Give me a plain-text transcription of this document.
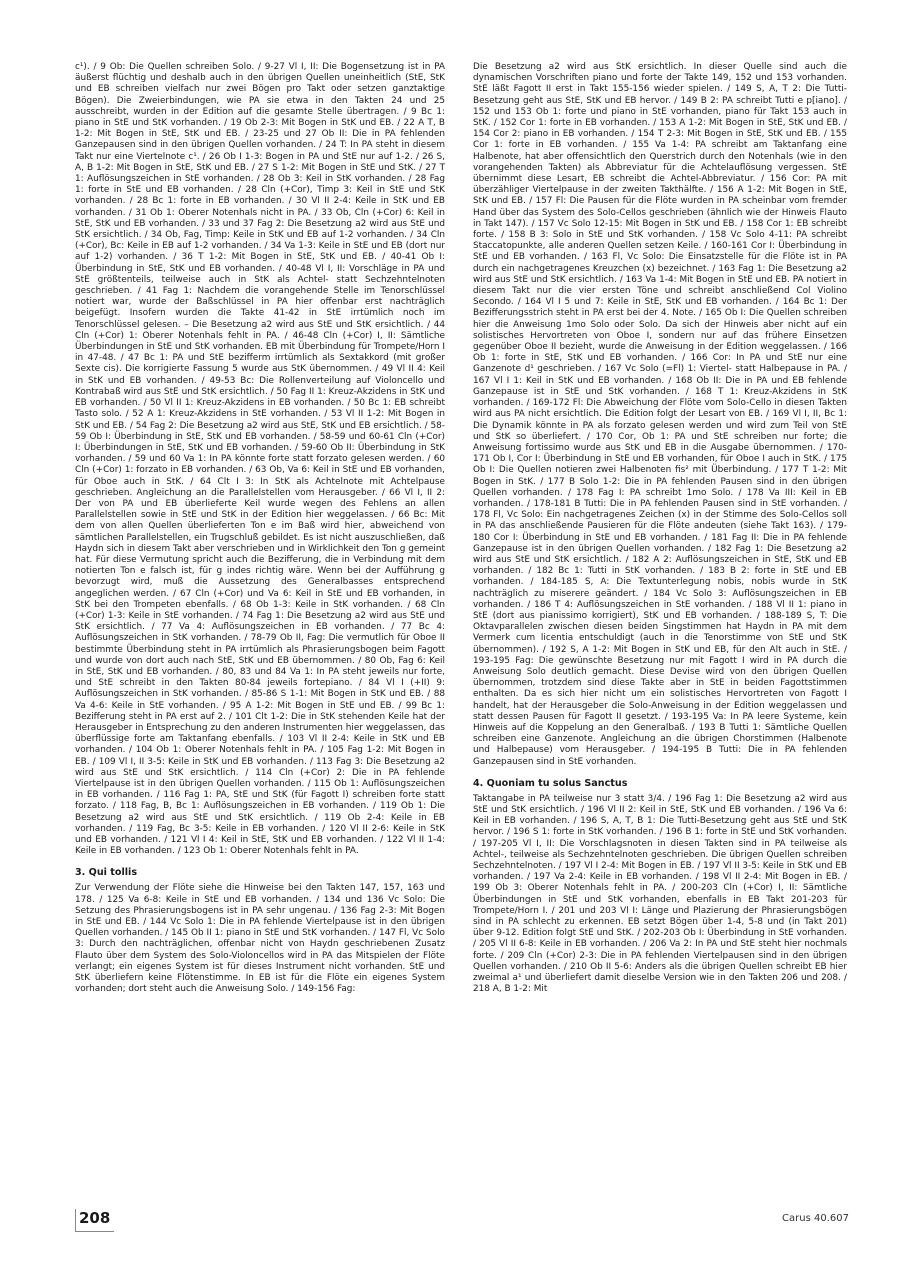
c¹). / 9 Ob: Die Quellen schreiben Solo. / 9-27 Vl I, II: Die Bogensetzung ist in PA äußerst flüchtig und deshalb auch in den übrigen Quellen uneinheitlich (StE, StK und EB schreiben vielfach nur zwei Bögen pro Takt oder setzen ganztaktige Bögen). Die Zweierbindungen, wie PA sie etwa in den Takten 24 und 25 ausschreibt, wurden in der Edition auf die gesamte Stelle übertragen. / 9 Bc 1: piano in StE und StK vorhanden. / 19 Ob 2-3: Mit Bogen in StK und EB. / 22 A T, B 1-2: Mit Bogen in StE, StK und EB. / 23-25 und 27 Ob II: Die in PA fehlenden Ganzepausen sind in den übrigen Quellen vorhanden. / 24 T: In PA steht in diesem Takt nur eine Viertelnote c¹. / 26 Ob I 1-3: Bogen in PA und StE nur auf 1-2. / 26 S, A, B 1-2: Mit Bogen in StE, StK und EB. / 27 S 1-2: Mit Bogen in StE und StK. / 27 T 1: Auflösungszeichen in StE vorhanden. / 28 Ob 3: Keil in StK vorhanden. / 28 Fag 1: forte in StE und EB vorhanden. / 28 Cln (+Cor), Timp 3: Keil in StE und StK vorhanden. / 28 Bc 1: forte in EB vorhanden. / 30 Vl II 2-4: Keile in StK und EB vorhanden. / 31 Ob 1: Oberer Notenhals nicht in PA. / 33 Ob, Cln (+Cor) 6: Keil in StE, StK und EB vorhanden. / 33 und 37 Fag 2: Die Besetzung a2 wird aus StE und StK ersichtlich. / 34 Ob, Fag, Timp: Keile in StK und EB auf 1-2 vorhanden. / 34 Cln (+Cor), Bc: Keile in EB auf 1-2 vorhanden. / 34 Va 1-3: Keile in StE und EB (dort nur auf 1-2) vorhanden. / 36 T 1-2: Mit Bogen in StE, StK und EB. / 40-41 Ob I: Überbindung in StE, StK und EB vorhanden. / 40-48 Vl I, II: Vorschläge in PA und StE größtenteils, teilweise auch in StK als Achtel- statt Sechzehntelnoten geschrieben. / 41 Fag 1: Nachdem die vorangehende Stelle im Tenorschlüssel notiert war, wurde der Baßschlüssel in PA hier offenbar erst nachträglich beigefügt. Insofern wurden die Takte 41-42 in StE irrtümlich noch im Tenorschlüssel gelesen. – Die Besetzung a2 wird aus StE und StK ersichtlich. / 44 Cln (+Cor) 1: Oberer Notenhals fehlt in PA. / 46-48 Cln (+Cor) I, II: Sämtliche Überbindungen in StE und StK vorhanden. EB mit Überbindung für Trompete/Horn I in 47-48. / 47 Bc 1: PA und StE bezifferm irrtümlich als Sextakkord (mit großer Sexte cis). Die korrigierte Fassung 5 wurde aus StK übernommen. / 49 Vl II 4: Keil in StK und EB vorhanden. / 49-53 Bc: Die Rollenverteilung auf Violoncello und Kontrabaß wird aus StE und StK ersichtlich. / 50 Fag II 1: Kreuz-Akzidens in StK und EB vorhanden. / 50 Vl II 1: Kreuz-Akzidens in EB vorhanden. / 50 Bc 1: EB schreibt Tasto solo. / 52 A 1: Kreuz-Akzidens in StE vorhanden. / 53 Vl II 1-2: Mit Bogen in StK und EB. / 54 Fag 2: Die Besetzung a2 wird aus StE, StK und EB ersichtlich. / 58-59 Ob I: Überbindung in StE, StK und EB vorhanden. / 58-59 und 60-61 Cln (+Cor) I: Überbindungen in StE, StK und EB vorhanden. / 59-60 Ob II: Überbindung in StK vorhanden. / 59 und 60 Va 1: In PA könnte forte statt forzato gelesen werden. / 60 Cln (+Cor) 1: forzato in EB vorhanden. / 63 Ob, Va 6: Keil in StE und EB vorhanden, für Oboe auch in StK. / 64 Clt I 3: In StK als Achtelnote mit Achtelpause geschrieben. Angleichung an die Parallelstellen vom Herausgeber. / 66 Vl I, II 2: Der von PA und EB überlieferte Keil wurde wegen des Fehlens an allen Parallelstellen sowie in StE und StK in der Edition hier weggelassen. / 66 Bc: Mit dem von allen Quellen überlieferten Ton e im Baß wird hier, abweichend von sämtlichen Parallelstellen, ein Trugschluß gebildet. Es ist nicht auszuschließen, daß Haydn sich in diesem Takt aber verschrieben und in Wirklichkeit den Ton g gemeint hat. Für diese Vermutung spricht auch die Bezifferung, die in Verbindung mit dem notierten Ton e falsch ist, für g indes richtig wäre. Wenn bei der Aufführung g bevorzugt wird, muß die Aussetzung des Generalbasses entsprechend angeglichen werden. / 67 Cln (+Cor) und Va 6: Keil in StE und EB vorhanden, in StK bei den Trompeten ebenfalls. / 68 Ob 1-3: Keile in StK vorhanden. / 68 Cln (+Cor) 1-3: Keile in StE vorhanden. / 74 Fag 1: Die Besetzung a2 wird aus StE und StK ersichtlich. / 77 Va 4: Auflösungszeichen in EB vorhanden. / 77 Bc 4: Auflösungszeichen in StK vorhanden. / 78-79 Ob II, Fag: Die vermutlich für Oboe II bestimmte Überbindung steht in PA irrtümlich als Phrasierungsbogen beim Fagott und wurde von dort auch nach StE, StK und EB übernommen. / 80 Ob, Fag 6: Keil in StE, StK und EB vorhanden. / 80, 83 und 84 Va 1: In PA steht jeweils nur forte, und StE schreibt in den Takten 80-84 jeweils fortepiano. / 84 Vl I (+II) 9: Auflösungszeichen in StK vorhanden. / 85-86 S 1-1: Mit Bogen in StK und EB. / 88 Va 4-6: Keile in StE vorhanden. / 95 A 1-2: Mit Bogen in StE und EB. / 99 Bc 1: Bezifferung steht in PA erst auf 2. / 101 Clt 1-2: Die in StK stehenden Keile hat der Herausgeber in Entsprechung zu den anderen Instrumenten hier weggelassen, das überflüssige forte am Taktanfang ebenfalls. / 103 Vl II 2-4: Keile in StK und EB vorhanden. / 104 Ob 1: Oberer Notenhals fehlt in PA. / 105 Fag 1-2: Mit Bogen in EB. / 109 Vl I, II 3-5: Keile in StK und EB vorhanden. / 113 Fag 3: Die Besetzung a2 wird aus StE und StK ersichtlich. / 114 Cln (+Cor) 2: Die in PA fehlende Viertelpause ist in den übrigen Quellen vorhanden. / 115 Ob 1: Auflösungszeichen in EB vorhanden. / 116 Fag 1: PA, StE und StK (für Fagott I) schreiben forte statt forzato. / 118 Fag, B, Bc 1: Auflösungszeichen in EB vorhanden. / 119 Ob 1: Die Besetzung a2 wird aus StE und StK ersichtlich. / 119 Ob 2-4: Keile in EB vorhanden. / 119 Fag, Bc 3-5: Keile in EB vorhanden. / 120 Vl II 2-6: Keile in StK und EB vorhanden. / 121 Vl I 4: Keil in StE, StK und EB vorhanden. / 122 Vl II 1-4: Keile in EB vorhanden. / 123 Ob 1: Oberer Notenhals fehlt in PA.

3. Qui tollis

Zur Verwendung der Flöte siehe die Hinweise bei den Takten 147, 157, 163 und 178. / 125 Va 6-8: Keile in StE und EB vorhanden. / 134 und 136 Vc Solo: Die Setzung des Phrasierungsbogens ist in PA sehr ungenau. / 136 Fag 2-3: Mit Bogen in StE und EB. / 144 Vc Solo 1: Die in PA fehlende Viertelpause ist in den übrigen Quellen vorhanden. / 145 Ob II 1: piano in StE und StK vorhanden. / 147 Fl, Vc Solo 3: Durch den nachträglichen, offenbar nicht von Haydn geschriebenen Zusatz Flauto über dem System des Solo-Violoncellos wird in PA das Mitspielen der Flöte verlangt; ein eigenes System ist für dieses Instrument nicht vorhanden. StE und StK überliefern keine Flötenstimme. In EB ist für die Flöte ein eigenes System vorhanden; dort steht auch die Anweisung Solo. / 149-156 Fag:

Die Besetzung a2 wird aus StK ersichtlich. In dieser Quelle sind auch die dynamischen Vorschriften piano und forte der Takte 149, 152 und 153 vorhanden. StE läßt Fagott II erst in Takt 155-156 wieder spielen. / 149 S, A, T 2: Die Tutti-Besetzung geht aus StE, StK und EB hervor. / 149 B 2: PA schreibt Tutti e p[iano]. / 152 und 153 Ob 1: forte und piano in StE vorhanden, piano für Takt 153 auch in StK. / 152 Cor 1: forte in EB vorhanden. / 153 A 1-2: Mit Bogen in StE, StK und EB. / 154 Cor 2: piano in EB vorhanden. / 154 T 2-3: Mit Bogen in StE, StK und EB. / 155 Cor 1: forte in EB vorhanden. / 155 Va 1-4: PA schreibt am Taktanfang eine Halbenote, hat aber offensichtlich den Querstrich durch den Notenhals (wie in den vorangehenden Takten) als Abbreviatur für die Achtelauflösung vergessen. StE übernimmt diese Lesart, EB schreibt die Achtel-Abbreviatur. / 156 Cor: PA mit überzähliger Viertelpause in der zweiten Takthälfte. / 156 A 1-2: Mit Bogen in StE, StK und EB. / 157 Fl: Die Pausen für die Flöte wurden in PA scheinbar vom fremder Hand über das System des Solo-Cellos geschrieben (ähnlich wie der Hinweis Flauto in Takt 147). / 157 Vc Solo 12-15: Mit Bogen in StK und EB. / 158 Cor 1: EB schreibt forte. / 158 B 3: Solo in StE und StK vorhanden. / 158 Vc Solo 4-11: PA schreibt Staccatopunkte, alle anderen Quellen setzen Keile. / 160-161 Cor I: Überbindung in StE und EB vorhanden. / 163 Fl, Vc Solo: Die Einsatzstelle für die Flöte ist in PA durch ein nachgetragenes Kreuzchen (x) bezeichnet. / 163 Fag 1: Die Besetzung a2 wird aus StE und StK ersichtlich. / 163 Va 1-4: Mit Bogen in StE und EB. PA notiert in diesem Takt nur die vier ersten Töne und schreibt anschließend Col Violino Secondo. / 164 Vl I 5 und 7: Keile in StE, StK und EB vorhanden. / 164 Bc 1: Der Bezifferungsstrich steht in PA erst bei der 4. Note. / 165 Ob I: Die Quellen schreiben hier die Anweisung 1mo Solo oder Solo. Da sich der Hinweis aber nicht auf ein solistisches Hervortreten von Oboe I, sondern nur auf das frühere Einsetzen gegenüber Oboe II bezieht, wurde die Anweisung in der Edition weggelassen. / 166 Ob 1: forte in StE, StK und EB vorhanden. / 166 Cor: In PA und StE nur eine Ganzenote d¹ geschrieben. / 167 Vc Solo (=Fl) 1: Viertel- statt Halbepause in PA. / 167 Vl I 1: Keil in StK und EB vorhanden. / 168 Ob II: Die in PA und EB fehlende Ganzepause ist in StE und StK vorhanden. / 168 T 1: Kreuz-Akzidens in StK vorhanden. / 169-172 Fl: Die Abweichung der Flöte vom Solo-Cello in diesen Takten wird aus PA nicht ersichtlich. Die Edition folgt der Lesart von EB. / 169 Vl I, II, Bc 1: Die Dynamik könnte in PA als forzato gelesen werden und wird zum Teil von StE und StK so überliefert. / 170 Cor, Ob 1: PA und StE schreiben nur forte; die Anweisung fortissimo wurde aus StK und EB in die Ausgabe übernommen. / 170-171 Ob I, Cor I: Überbindung in StE und EB vorhanden, für Oboe I auch in StK. / 175 Ob I: Die Quellen notieren zwei Halbenoten fis² mit Überbindung. / 177 T 1-2: Mit Bogen in StK. / 177 B Solo 1-2: Die in PA fehlenden Pausen sind in den übrigen Quellen vorhanden. / 178 Fag I: PA schreibt 1mo Solo. / 178 Va III: Keil in EB vorhanden. / 178-181 B Tutti: Die in PA fehlenden Pausen sind in StE vorhanden. / 178 Fl, Vc Solo: Ein nachgetragenes Zeichen (x) in der Stimme des Solo-Cellos soll in PA das anschließende Pausieren für die Flöte andeuten (siehe Takt 163). / 179-180 Cor I: Überbindung in StE und EB vorhanden. / 181 Fag II: Die in PA fehlende Ganzepause ist in den übrigen Quellen vorhanden. / 182 Fag 1: Die Besetzung a2 wird aus StE und StK ersichtlich. / 182 A 2: Auflösungszeichen in StE, StK und EB vorhanden. / 182 Bc 1: Tutti in StK vorhanden. / 183 B 2: forte in StE und EB vorhanden. / 184-185 S, A: Die Textunterlegung nobis, nobis wurde in StK nachträglich zu miserere geändert. / 184 Vc Solo 3: Auflösungszeichen in EB vorhanden. / 186 T 4: Auflösungszeichen in StE vorhanden. / 188 Vl II 1: piano in StE (dort aus pianissimo korrigiert), StK und EB vorhanden. / 188-189 S, T: Die Oktavparallelen zwischen diesen beiden Singstimmen hat Haydn in PA mit dem Vermerk cum licentia entschuldigt (auch in die Tenorstimme von StE und StK übernommen). / 192 S, A 1-2: Mit Bogen in StK und EB, für den Alt auch in StE. / 193-195 Fag: Die gewünschte Besetzung nur mit Fagott I wird in PA durch die Anweisung Solo deutlich gemacht. Diese Devise wird von den übrigen Quellen übernommen, trotzdem sind diese Takte aber in StE in beiden Fagottstimmen enthalten. Da es sich hier nicht um ein solistisches Hervortreten von Fagott I handelt, hat der Herausgeber die Solo-Anweisung in der Edition weggelassen und statt dessen Pausen für Fagott II gesetzt. / 193-195 Va: In PA leere Systeme, kein Hinweis auf die Koppelung an den Generalbaß. / 193 B Tutti 1: Sämtliche Quellen schreiben eine Ganzenote. Angleichung an die übrigen Chorstimmen (Halbenote und Halbepause) vom Herausgeber. / 194-195 B Tutti: Die in PA fehlenden Ganzepausen sind in StE vorhanden.

4. Quoniam tu solus Sanctus

Taktangabe in PA teilweise nur 3 statt 3/4. / 196 Fag 1: Die Besetzung a2 wird aus StE und StK ersichtlich. / 196 Vl II 2: Keil in StE, StK und EB vorhanden. / 196 Va 6: Keil in EB vorhanden. / 196 S, A, T, B 1: Die Tutti-Besetzung geht aus StE und StK hervor. / 196 S 1: forte in StK vorhanden. / 196 B 1: forte in StE und StK vorhanden. / 197-205 Vl I, II: Die Vorschlagsnoten in diesen Takten sind in PA teilweise als Achtel-, teilweise als Sechzehntelnoten geschrieben. Die übrigen Quellen schreiben Sechzehntelnoten. / 197 Vl I 2-4: Mit Bogen in EB. / 197 Vl II 3-5: Keile in StK und EB vorhanden. / 197 Va 2-4: Keile in EB vorhanden. / 198 Vl II 2-4: Mit Bogen in EB. / 199 Ob 3: Oberer Notenhals fehlt in PA. / 200-203 Cln (+Cor) I, II: Sämtliche Überbindungen in StE und StK vorhanden, ebenfalls in EB Takt 201-203 für Trompete/Horn I. / 201 und 203 Vl I: Länge und Plazierung der Phrasierungsbögen sind in PA schlecht zu erkennen. EB setzt Bögen über 1-4, 5-8 und (in Takt 201) über 9-12. Edition folgt StE und StK. / 202-203 Ob I: Überbindung in StE vorhanden. / 205 Vl II 6-8: Keile in EB vorhanden. / 206 Va 2: In PA und StE steht hier nochmals forte. / 209 Cln (+Cor) 2-3: Die in PA fehlenden Viertelpausen sind in den übrigen Quellen vorhanden. / 210 Ob II 5-6: Anders als die übrigen Quellen schreibt EB hier zweimal a¹ und überliefert damit dieselbe Version wie in den Takten 206 und 208. / 218 A, B 1-2: Mit

208	Carus 40.607
